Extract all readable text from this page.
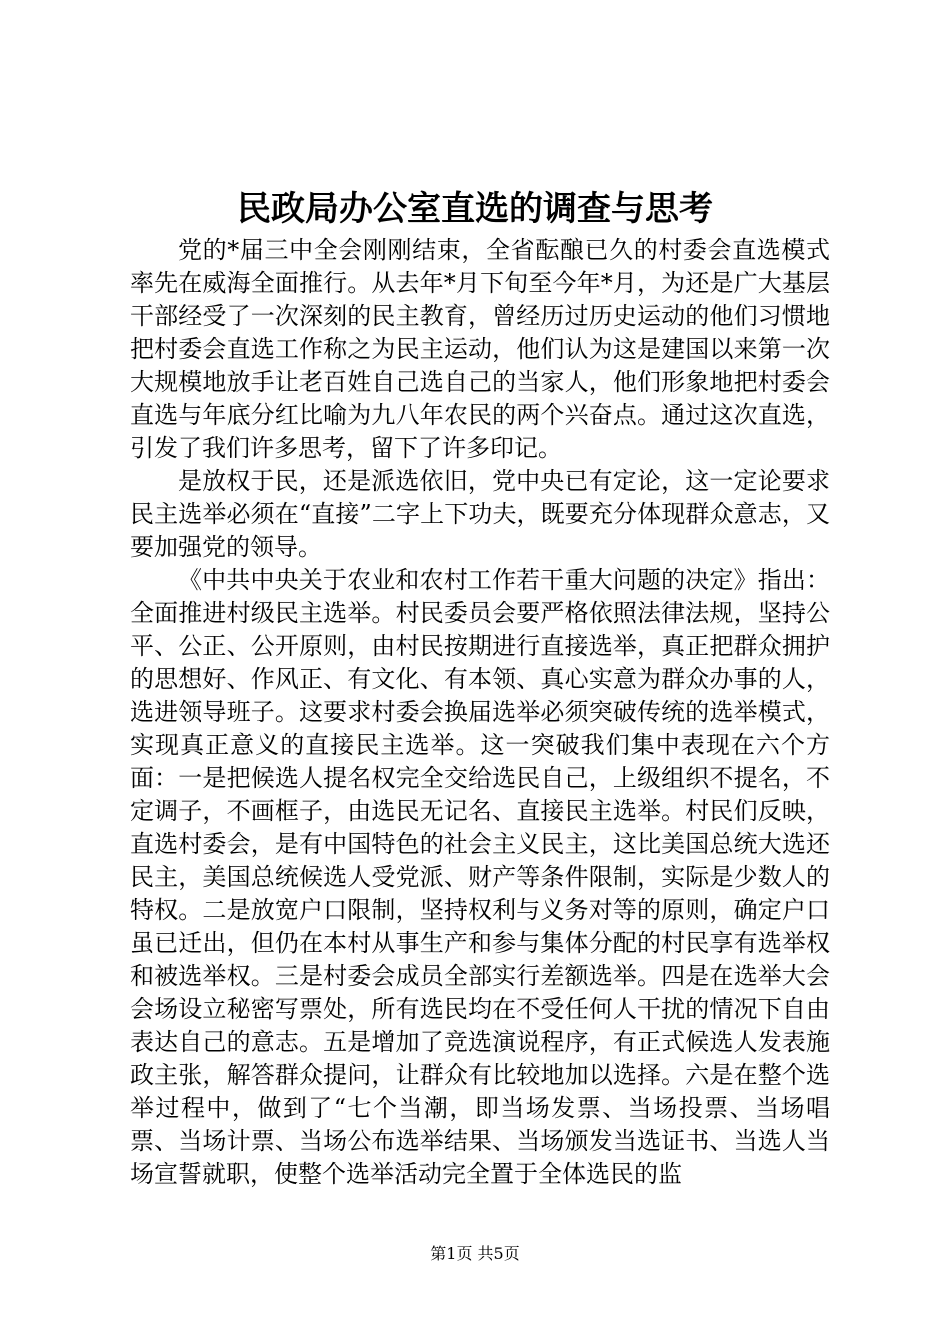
民政局办公室直选的调查与思考

党的*届三中全会刚刚结束，全省酝酿已久的村委会直选模式率先在威海全面推行。从去年*月下旬至今年*月，为还是广大基层干部经受了一次深刻的民主教育，曾经历过历史运动的他们习惯地把村委会直选工作称之为民主运动，他们认为这是建国以来第一次大规模地放手让老百姓自己选自己的当家人，他们形象地把村委会直选与年底分红比喻为九八年农民的两个兴奋点。通过这次直选，引发了我们许多思考，留下了许多印记。

是放权于民，还是派选依旧，党中央已有定论，这一定论要求民主选举必须在“直接”二字上下功夫，既要充分体现群众意志，又要加强党的领导。

《中共中央关于农业和农村工作若干重大问题的决定》指出：全面推进村级民主选举。村民委员会要严格依照法律法规，坚持公平、公正、公开原则，由村民按期进行直接选举，真正把群众拥护的思想好、作风正、有文化、有本领、真心实意为群众办事的人，选进领导班子。这要求村委会换届选举必须突破传统的选举模式，实现真正意义的直接民主选举。这一突破我们集中表现在六个方面：一是把候选人提名权完全交给选民自己，上级组织不提名，不定调子，不画框子，由选民无记名、直接民主选举。村民们反映，直选村委会，是有中国特色的社会主义民主，这比美国总统大选还民主，美国总统候选人受党派、财产等条件限制，实际是少数人的特权。二是放宽户口限制，坚持权利与义务对等的原则，确定户口虽已迁出，但仍在本村从事生产和参与集体分配的村民享有选举权和被选举权。三是村委会成员全部实行差额选举。四是在选举大会会场设立秘密写票处，所有选民均在不受任何人干扰的情况下自由表达自己的意志。五是增加了竞选演说程序，有正式候选人发表施政主张，解答群众提问，让群众有比较地加以选择。六是在整个选举过程中，做到了“七个当潮，即当场发票、当场投票、当场唱票、当场计票、当场公布选举结果、当场颁发当选证书、当选人当场宣誓就职，使整个选举活动完全置于全体选民的监

第1页 共5页
